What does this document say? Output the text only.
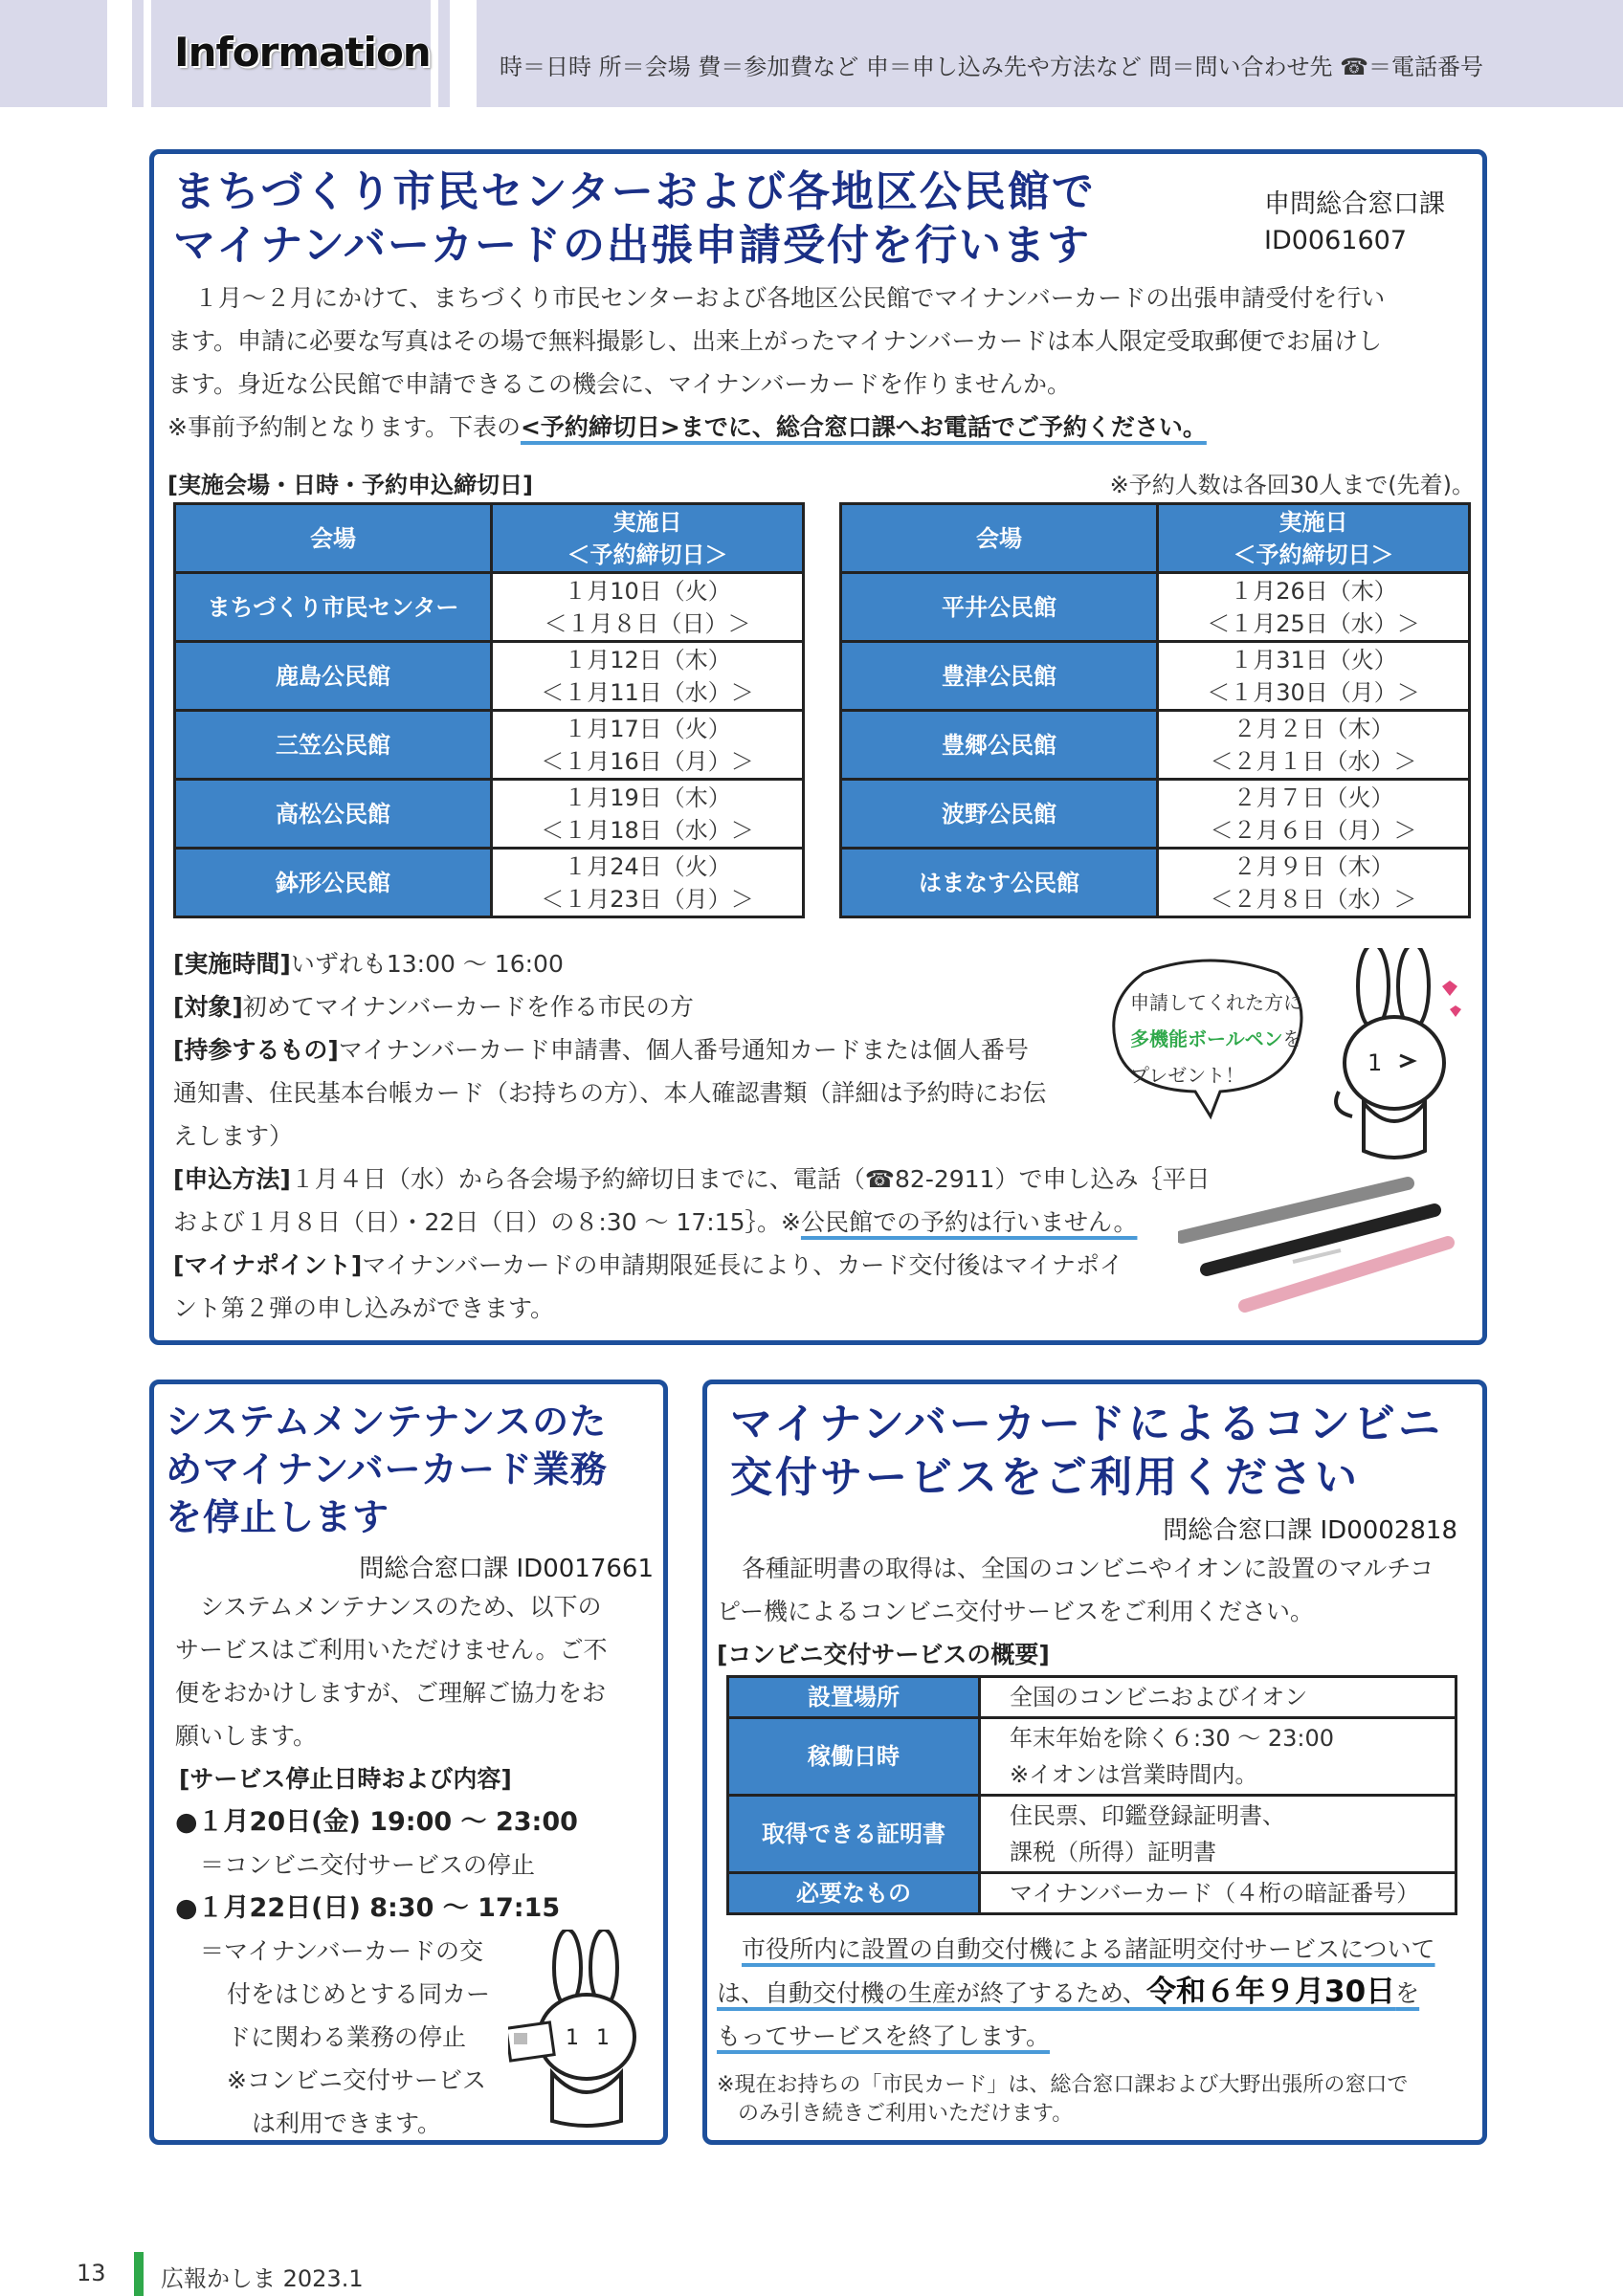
Information	時＝日時 所＝会場 費＝参加費など 申＝申し込み先や方法など 問＝問い合わせ先 ☎＝電話番号
まちづくり市民センターおよび各地区公民館で
マイナンバーカードの出張申請受付を行います
申問総合窓口課
ID0061607
１月～２月にかけて、まちづくり市民センターおよび各地区公民館でマイナンバーカードの出張申請受付を行い
ます。申請に必要な写真はその場で無料撮影し、出来上がったマイナンバーカードは本人限定受取郵便でお届けし
ます。身近な公民館で申請できるこの機会に、マイナンバーカードを作りませんか。
※事前予約制となります。下表の<予約締切日>までに、総合窓口課へお電話でご予約ください。
[実施会場・日時・予約申込締切日]	※予約人数は各回30人まで(先着)。
会場	実施日
＜予約締切日＞

まちづくり市民センター	１月10日（火）
＜１月８日（日）＞

鹿島公民館	１月12日（木）
＜１月11日（水）＞

三笠公民館	１月17日（火）
＜１月16日（月）＞

高松公民館	１月19日（木）
＜１月18日（水）＞

鉢形公民館	１月24日（火）
＜１月23日（月）＞
会場	実施日
＜予約締切日＞

平井公民館	１月26日（木）
＜１月25日（水）＞

豊津公民館	１月31日（火）
＜１月30日（月）＞

豊郷公民館	２月２日（木）
＜２月１日（水）＞

波野公民館	２月７日（火）
＜２月６日（月）＞

はまなす公民館	２月９日（木）
＜２月８日（水）＞
[実施時間]いずれも13:00 ～ 16:00
[対象]初めてマイナンバーカードを作る市民の方
[持参するもの]マイナンバーカード申請書、個人番号通知カードまたは個人番号
通知書、住民基本台帳カード（お持ちの方）、本人確認書類（詳細は予約時にお伝
えします）
[申込方法]１月４日（水）から各会場予約締切日までに、電話（☎82-2911）で申し込み｛平日
および１月８日（日）・22日（日）の８:30 ～ 17:15｝。※公民館での予約は行いません。
[マイナポイント]マイナンバーカードの申請期限延長により、カード交付後はマイナポイ
ント第２弾の申し込みができます。
申請してくれた方に
多機能ボールペンを
プレゼント！	1
システムメンテナンスのた
めマイナンバーカード業務
を停止します
問総合窓口課 ID0017661
システムメンテナンスのため、以下の
サービスはご利用いただけません。ご不
便をおかけしますが、ご理解ご協力をお
願いします。
[サービス停止日時および内容]
●１月20日(金) 19:00 ～ 23:00
＝コンビニ交付サービスの停止
●１月22日(日) 8:30 ～ 17:15
＝マイナンバーカードの交
付をはじめとする同カー
ドに関わる業務の停止
※コンビニ交付サービス
は利用できます。
1 1
マイナンバーカードによるコンビニ
交付サービスをご利用ください
問総合窓口課 ID0002818
各種証明書の取得は、全国のコンビニやイオンに設置のマルチコ
ピー機によるコンビニ交付サービスをご利用ください。
[コンビニ交付サービスの概要]
設置場所	全国のコンビニおよびイオン
稼働日時	年末年始を除く６:30 ～ 23:00
※イオンは営業時間内。

取得できる証明書	住民票、印鑑登録証明書、
課税（所得）証明書

必要なもの	マイナンバーカード（４桁の暗証番号）
市役所内に設置の自動交付機による諸証明交付サービスについて
は、自動交付機の生産が終了するため、令和６年９月30日を
もってサービスを終了します。
※現在お持ちの「市民カード」は、総合窓口課および大野出張所の窓口で
のみ引き続きご利用いただけます。
13 広報かしま 2023.1
